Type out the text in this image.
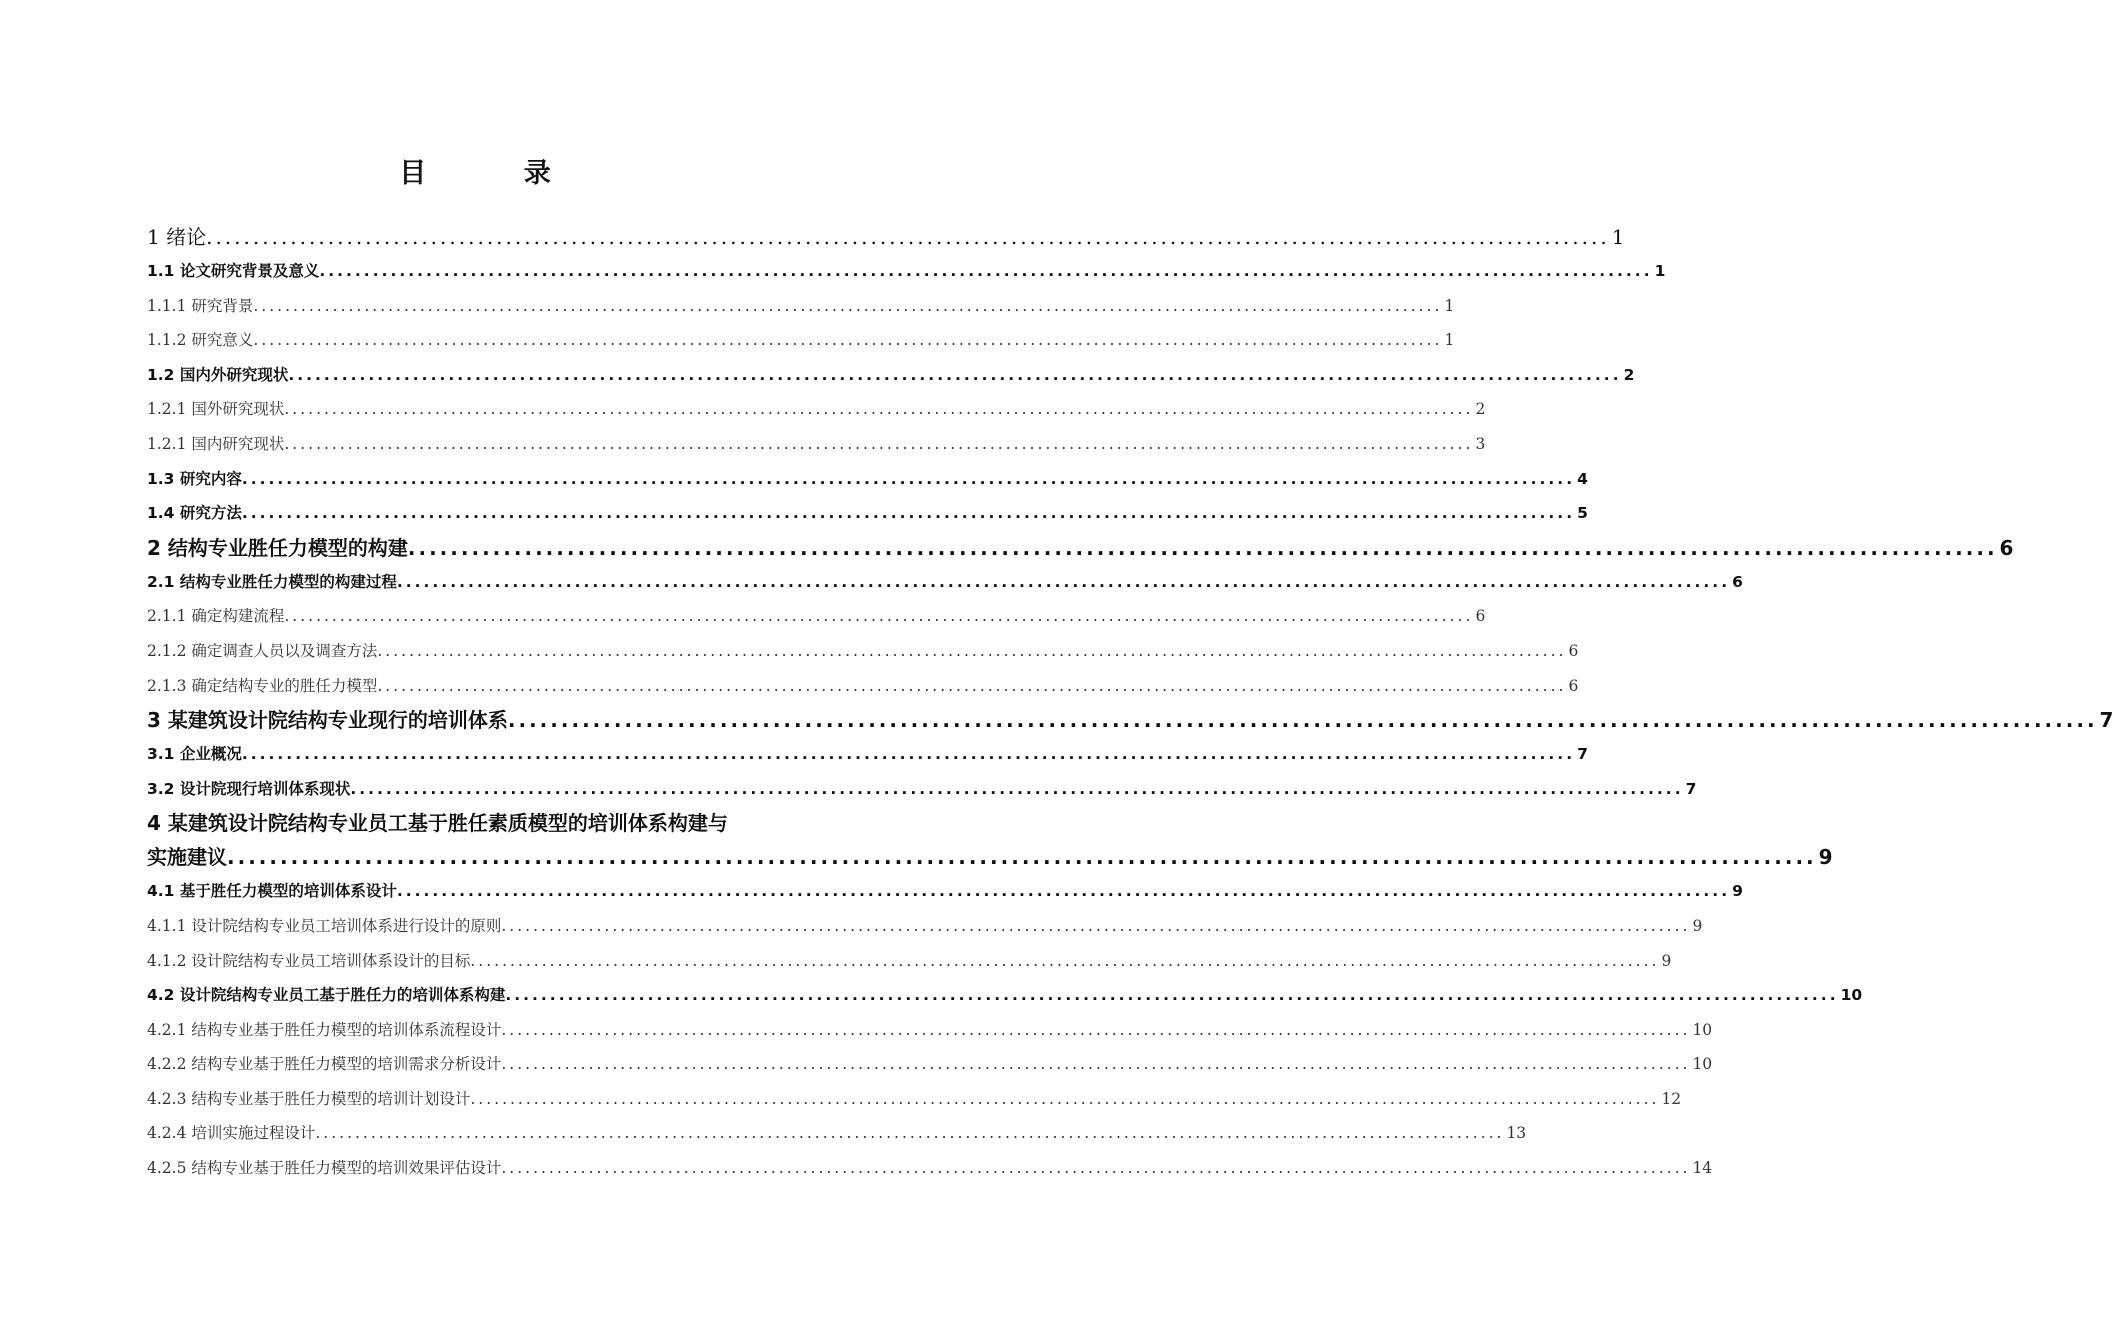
目 录
1 绪论 ...................................................................................................................................................... 1
1.1 论文研究背景及意义 ...................................................................................................................................................... 1
1.1.1 研究背景 ...................................................................................................................................................... 1
1.1.2 研究意义 ...................................................................................................................................................... 1
1.2 国内外研究现状 ...................................................................................................................................................... 2
1.2.1 国外研究现状 ...................................................................................................................................................... 2
1.2.1 国内研究现状 ...................................................................................................................................................... 3
1.3 研究内容 ...................................................................................................................................................... 4
1.4 研究方法 ...................................................................................................................................................... 5
2 结构专业胜任力模型的构建 ...................................................................................................................................................... 6
2.1 结构专业胜任力模型的构建过程 ...................................................................................................................................................... 6
2.1.1 确定构建流程 ...................................................................................................................................................... 6
2.1.2 确定调查人员以及调查方法 ...................................................................................................................................................... 6
2.1.3 确定结构专业的胜任力模型 ...................................................................................................................................................... 6
3 某建筑设计院结构专业现行的培训体系 ...................................................................................................................................................... 7
3.1 企业概况 ...................................................................................................................................................... 7
3.2 设计院现行培训体系现状 ...................................................................................................................................................... 7
4 某建筑设计院结构专业员工基于胜任素质模型的培训体系构建与
实施建议 ...................................................................................................................................................... 9
4.1 基于胜任力模型的培训体系设计 ...................................................................................................................................................... 9
4.1.1 设计院结构专业员工培训体系进行设计的原则 ...................................................................................................................................................... 9
4.1.2 设计院结构专业员工培训体系设计的目标 ...................................................................................................................................................... 9
4.2 设计院结构专业员工基于胜任力的培训体系构建 ...................................................................................................................................................... 10
4.2.1 结构专业基于胜任力模型的培训体系流程设计 ...................................................................................................................................................... 10
4.2.2 结构专业基于胜任力模型的培训需求分析设计 ...................................................................................................................................................... 10
4.2.3 结构专业基于胜任力模型的培训计划设计 ...................................................................................................................................................... 12
4.2.4 培训实施过程设计 ...................................................................................................................................................... 13
4.2.5 结构专业基于胜任力模型的培训效果评估设计 ...................................................................................................................................................... 14
